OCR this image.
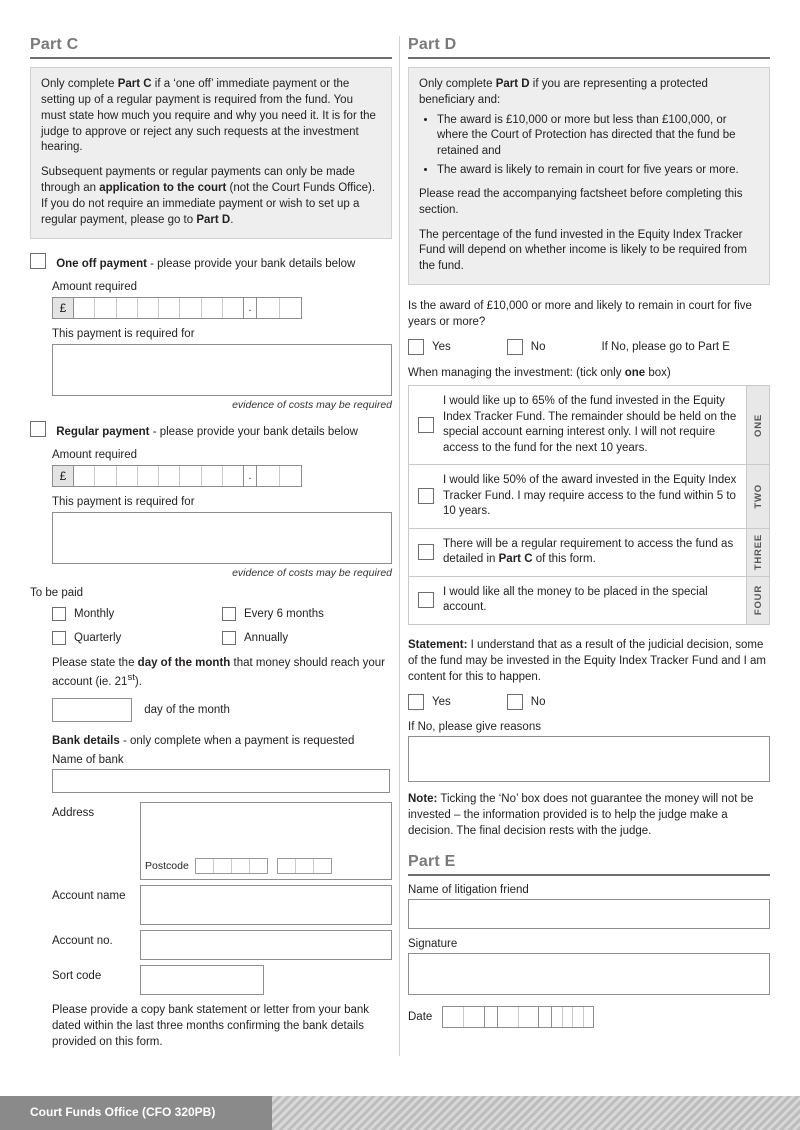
Part C

Only complete Part C if a ‘one off’ immediate payment or the setting up of a regular payment is required from the fund. You must state how much you require and why you need it. It is for the judge to approve or reject any such requests at the investment hearing.

Subsequent payments or regular payments can only be made through an application to the court (not the Court Funds Office). If you do not require an immediate payment or wish to set up a regular payment, please go to Part D.

One off payment - please provide your bank details below
Amount required
£	.
This payment is required for
evidence of costs may be required
Regular payment - please provide your bank details below
Amount required
£	.
This payment is required for
evidence of costs may be required
To be paid
Monthly	Every 6 months
Quarterly	Annually
Please state the day of the month that money should reach your account (ie. 21st).
day of the month
Bank details - only complete when a payment is requested
Name of bank
Address
Postcode
Account name
Account no.
Sort code
Please provide a copy bank statement or letter from your bank dated within the last three months confirming the bank details provided on this form.
Part D

Only complete Part D if you are representing a protected beneficiary and:

• The award is £10,000 or more but less than £100,000, or where the Court of Protection has directed that the fund be retained and
• The award is likely to remain in court for five years or more.

Please read the accompanying factsheet before completing this section.

The percentage of the fund invested in the Equity Index Tracker Fund will depend on whether income is likely to be required from the fund.

Is the award of £10,000 or more and likely to remain in court for five years or more?
Yes	No	If No, please go to Part E
When managing the investment: (tick only one box)
I would like up to 65% of the fund invested in the Equity Index Tracker Fund. The remainder should be held on the special account earning interest only. I will not require access to the fund for the next 10 years.
ONE
I would like 50% of the award invested in the Equity Index Tracker Fund. I may require access to the fund within 5 to 10 years.
TWO
There will be a regular requirement to access the fund as detailed in Part C of this form.	THREE
I would like all the money to be placed in the special account.	FOUR
Statement: I understand that as a result of the judicial decision, some of the fund may be invested in the Equity Index Tracker Fund and I am content for this to happen.
Yes	No
If No, please give reasons
Note: Ticking the ‘No’ box does not guarantee the money will not be invested – the information provided is to help the judge make a decision. The final decision rests with the judge.
Part E
Name of litigation friend
Signature
Date
Court Funds Office (CFO 320PB)
